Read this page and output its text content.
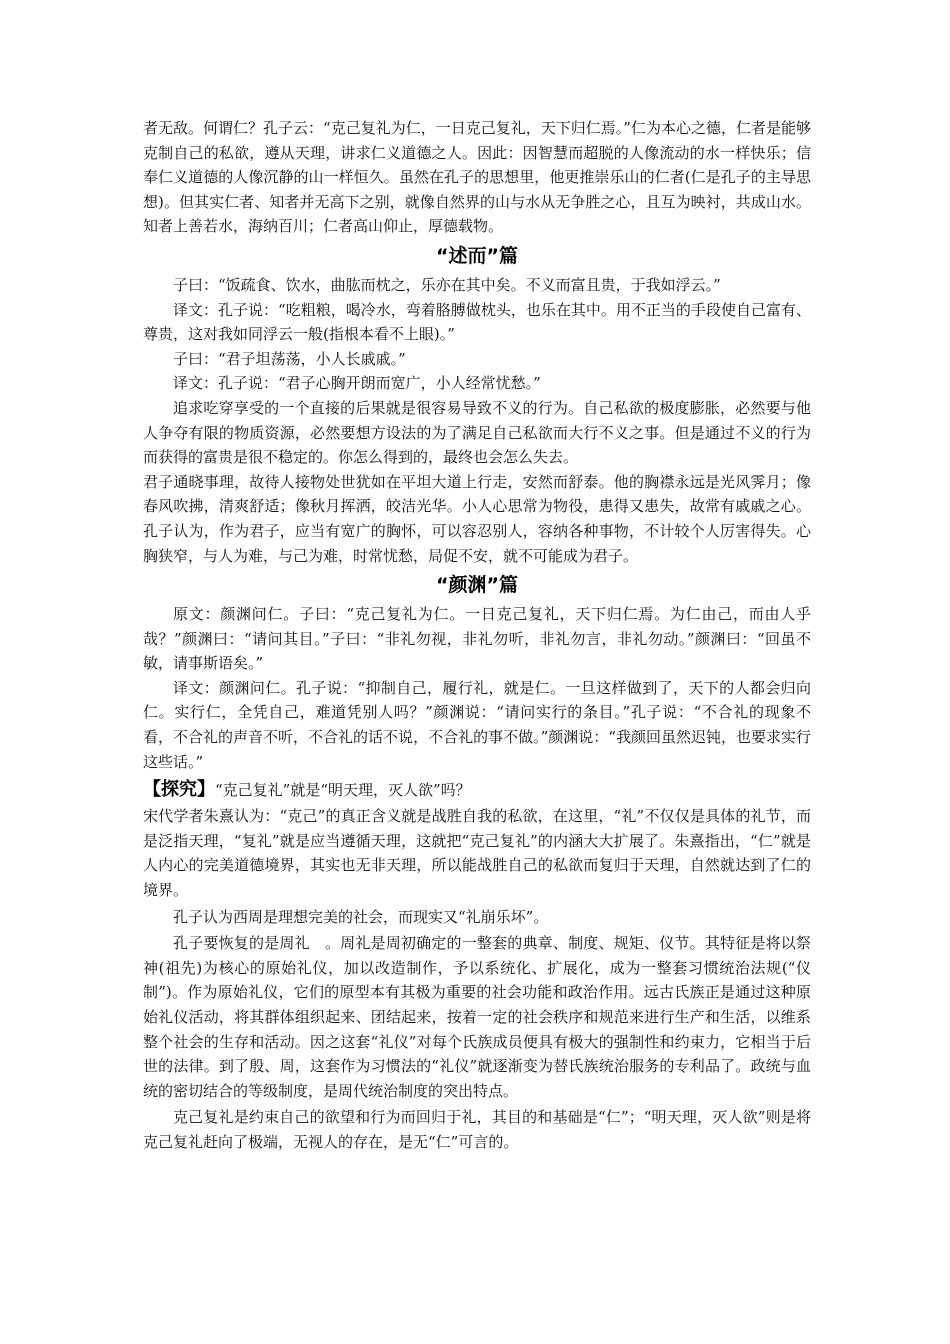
者无敌。何谓仁？孔子云：“克己复礼为仁，一日克己复礼，天下归仁焉。”仁为本心之德，仁者是能够克制自己的私欲，遵从天理，讲求仁义道德之人。因此：因智慧而超脱的人像流动的水一样快乐；信奉仁义道德的人像沉静的山一样恒久。虽然在孔子的思想里，他更推崇乐山的仁者(仁是孔子的主导思想)。但其实仁者、知者并无高下之别，就像自然界的山与水从无争胜之心，且互为映衬，共成山水。知者上善若水，海纳百川；仁者高山仰止，厚德载物。

“述而”篇

子曰：“饭疏食、饮水，曲肱而枕之，乐亦在其中矣。不义而富且贵，于我如浮云。”

译文：孔子说：“吃粗粮，喝冷水，弯着胳膊做枕头，也乐在其中。用不正当的手段使自己富有、尊贵，这对我如同浮云一般(指根本看不上眼)。”

子曰：“君子坦荡荡，小人长戚戚。”

译文：孔子说：“君子心胸开朗而宽广，小人经常忧愁。”

追求吃穿享受的一个直接的后果就是很容易导致不义的行为。自己私欲的极度膨胀，必然要与他人争夺有限的物质资源，必然要想方设法的为了满足自己私欲而大行不义之事。但是通过不义的行为而获得的富贵是很不稳定的。你怎么得到的，最终也会怎么失去。

君子通晓事理，故待人接物处世犹如在平坦大道上行走，安然而舒泰。他的胸襟永远是光风霁月；像春风吹拂，清爽舒适；像秋月挥洒，皎洁光华。小人心思常为物役，患得又患失，故常有戚戚之心。孔子认为，作为君子，应当有宽广的胸怀，可以容忍别人，容纳各种事物，不计较个人厉害得失。心胸狭窄，与人为难，与己为难，时常忧愁，局促不安，就不可能成为君子。

“颜渊”篇

原文：颜渊问仁。子曰：“克己复礼为仁。一日克己复礼，天下归仁焉。为仁由己，而由人乎哉？”颜渊曰：“请问其目。”子曰：“非礼勿视，非礼勿听，非礼勿言，非礼勿动。”颜渊曰：“回虽不敏，请事斯语矣。”

译文：颜渊问仁。孔子说：“抑制自己，履行礼，就是仁。一旦这样做到了，天下的人都会归向仁。实行仁，全凭自己，难道凭别人吗？”颜渊说：“请问实行的条目。”孔子说：“不合礼的现象不看，不合礼的声音不听，不合礼的话不说，不合礼的事不做。”颜渊说：“我颜回虽然迟钝，也要求实行这些话。”

【探究】“克己复礼”就是“明天理，灭人欲”吗？

宋代学者朱熹认为：“克己”的真正含义就是战胜自我的私欲，在这里，“礼”不仅仅是具体的礼节，而是泛指天理，“复礼”就是应当遵循天理，这就把“克己复礼”的内涵大大扩展了。朱熹指出，“仁”就是人内心的完美道德境界，其实也无非天理，所以能战胜自己的私欲而复归于天理，自然就达到了仁的境界。

孔子认为西周是理想完美的社会，而现实又“礼崩乐坏”。

孔子要恢复的是周礼　。周礼是周初确定的一整套的典章、制度、规矩、仪节。其特征是将以祭神(祖先)为核心的原始礼仪，加以改造制作，予以系统化、扩展化，成为一整套习惯统治法规(“仪制”)。作为原始礼仪，它们的原型本有其极为重要的社会功能和政治作用。远古氏族正是通过这种原始礼仪活动，将其群体组织起来、团结起来，按着一定的社会秩序和规范来进行生产和生活，以维系整个社会的生存和活动。因之这套“礼仪”对每个氏族成员便具有极大的强制性和约束力，它相当于后世的法律。到了殷、周，这套作为习惯法的“礼仪”就逐渐变为替氏族统治服务的专利品了。政统与血统的密切结合的等级制度，是周代统治制度的突出特点。

克己复礼是约束自己的欲望和行为而回归于礼，其目的和基础是“仁”；“明天理，灭人欲”则是将克己复礼赶向了极端，无视人的存在，是无“仁”可言的。
